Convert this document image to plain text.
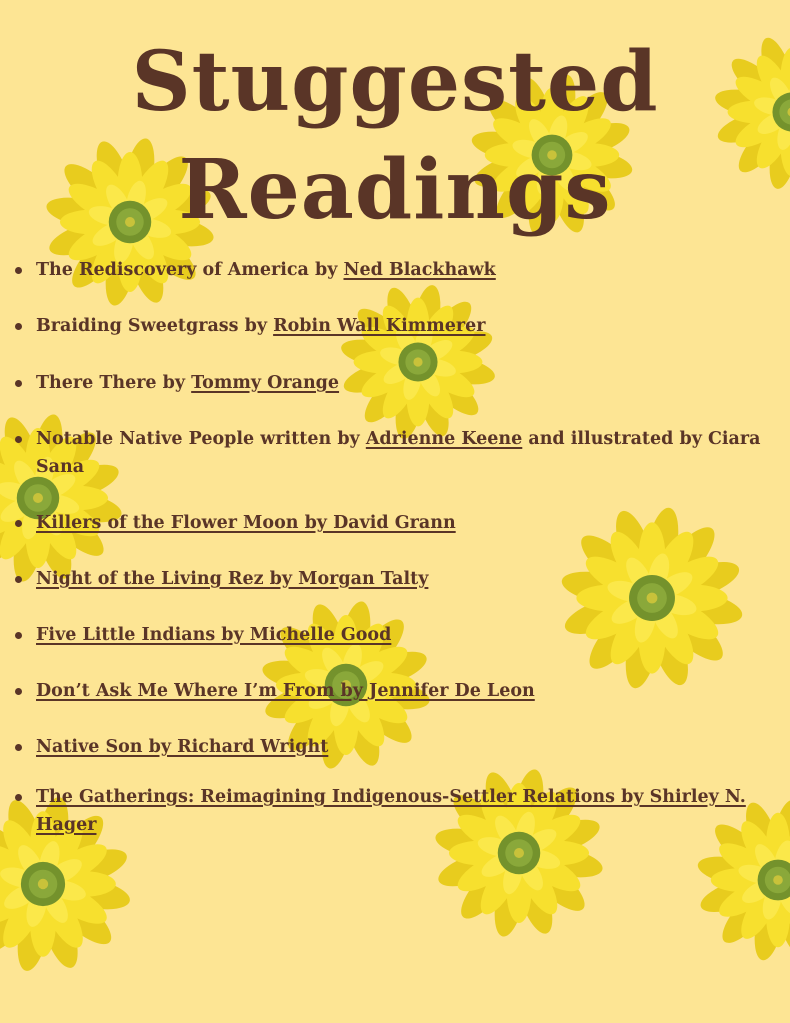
Stuggested
Readings
The Rediscovery of America by Ned Blackhawk
Braiding Sweetgrass by Robin Wall Kimmerer
There There by Tommy Orange
Notable Native People written by Adrienne Keene and illustrated by Ciara Sana
Killers of the Flower Moon by David Grann
Night of the Living Rez by Morgan Talty
Five Little Indians by Michelle Good
Don’t Ask Me Where I’m From by Jennifer De Leon
Native Son by Richard Wright
The Gatherings: Reimagining Indigenous-Settler Relations by Shirley N. Hager
